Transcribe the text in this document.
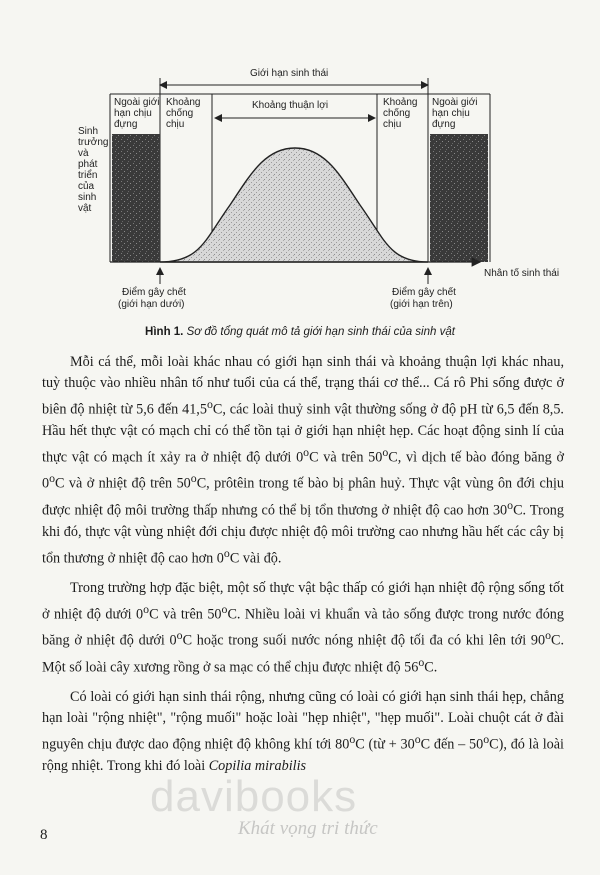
Giới hạn sinh thái
Ngoài giới hạn chịu đựng
Khoảng chống chịu
Khoảng thuận lợi	Khoảng chống chịu
Ngoài giới hạn chịu đựng
Sinh trưởng và phát triển của sinh vật
Nhân tố sinh thái
Điểm gây chết
(giới hạn dưới)
Điểm gây chết
(giới hạn trên)
Hình 1. Sơ đồ tổng quát mô tả giới hạn sinh thái của sinh vật

Mỗi cá thể, mỗi loài khác nhau có giới hạn sinh thái và khoảng thuận lợi khác nhau, tuỳ thuộc vào nhiều nhân tố như tuổi của cá thể, trạng thái cơ thể... Cá rô Phi sống được ở biên độ nhiệt từ 5,6 đến 41,5$^o$C, các loài thuỷ sinh vật thường sống ở độ pH từ 6,5 đến 8,5. Hầu hết thực vật có mạch chỉ có thể tồn tại ở giới hạn nhiệt hẹp. Các hoạt động sinh lí của thực vật có mạch ít xảy ra ở nhiệt độ dưới 0$^o$C và trên 50$^o$C, vì dịch tế bào đóng băng ở 0$^o$C và ở nhiệt độ trên 50$^o$C, prôtêin trong tế bào bị phân huỷ. Thực vật vùng ôn đới chịu được nhiệt độ môi trường thấp nhưng có thể bị tổn thương ở nhiệt độ cao hơn 30$^o$C. Trong khi đó, thực vật vùng nhiệt đới chịu được nhiệt độ môi trường cao nhưng hầu hết các cây bị tổn thương ở nhiệt độ cao hơn 0$^o$C vài độ.

Trong trường hợp đặc biệt, một số thực vật bậc thấp có giới hạn nhiệt độ rộng sống tốt ở nhiệt độ dưới 0$^o$C và trên 50$^o$C. Nhiều loài vi khuẩn và tảo sống được trong nước đóng băng ở nhiệt độ dưới 0$^o$C hoặc trong suối nước nóng nhiệt độ tối đa có khi lên tới 90$^o$C. Một số loài cây xương rồng ở sa mạc có thể chịu được nhiệt độ 56$^o$C.

Có loài có giới hạn sinh thái rộng, nhưng cũng có loài có giới hạn sinh thái hẹp, chẳng hạn loài "rộng nhiệt", "rộng muối" hoặc loài "hẹp nhiệt", "hẹp muối". Loài chuột cát ở đài nguyên chịu được dao động nhiệt độ không khí tới 80$^o$C (từ + $30^oC$ đến – 50$^o$C), đó là loài rộng nhiệt. Trong khi đó loài Copilia mirabilis

davibooks
Khát vọng tri thức
8
